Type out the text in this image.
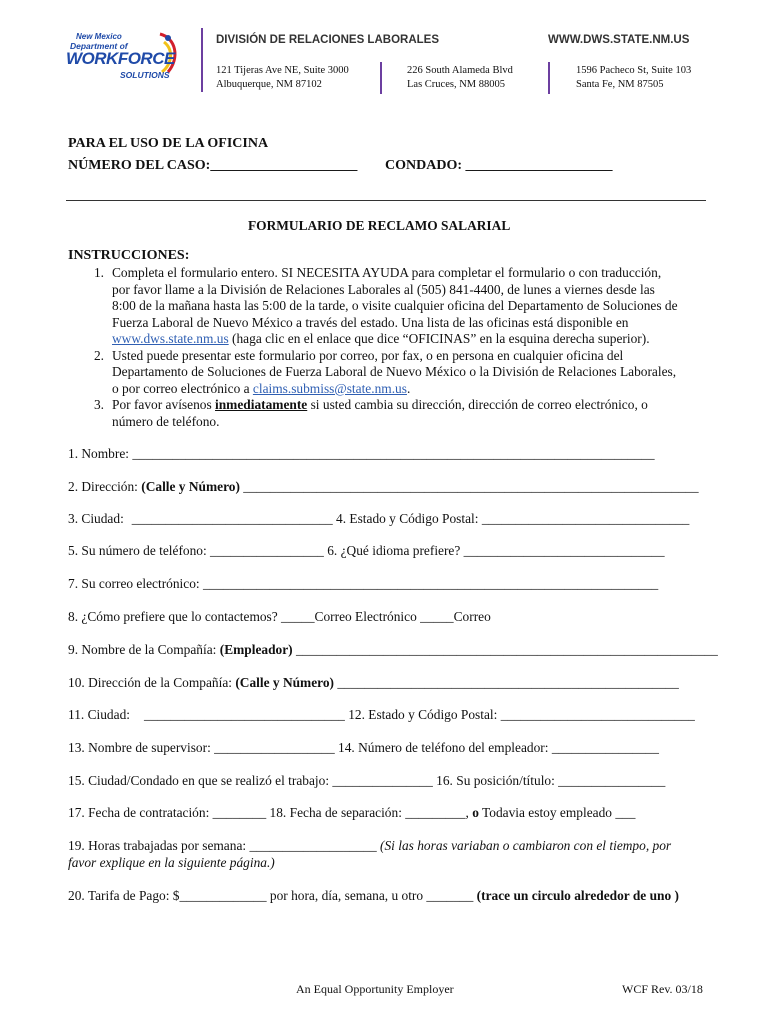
New Mexico
Department of
WORKFORCE
SOLUTIONS
DIVISIÓN DE RELACIONES LABORALES	WWW.DWS.STATE.NM.US
121 Tijeras Ave NE, Suite 3000
Albuquerque, NM 87102
226 South Alameda Blvd
Las Cruces, NM 88005
1596 Pacheco St, Suite 103
Santa Fe, NM 87505
PARA EL USO DE LA OFICINA
NÚMERO DEL CASO:_____________________ CONDADO: _____________________
FORMULARIO DE RECLAMO SALARIAL
INSTRUCCIONES:
1. Completa el formulario entero. SI NECESITA AYUDA para completar el formulario o con traducción,

por favor llame a la División de Relaciones Laborales al (505) 841-4400, de lunes a viernes desde las

8:00 de la mañana hasta las 5:00 de la tarde, o visite cualquier oficina del Departamento de Soluciones de

Fuerza Laboral de Nuevo México a través del estado. Una lista de las oficinas está disponible en

www.dws.state.nm.us (haga clic en el enlace que dice “OFICINAS” en la esquina derecha superior).

2. Usted puede presentar este formulario por correo, por fax, o en persona en cualquier oficina del

Departamento de Soluciones de Fuerza Laboral de Nuevo México o la División de Relaciones Laborales,

o por correo electrónico a claims.submiss@state.nm.us.

3. Por favor avísenos inmediatamente si usted cambia su dirección, dirección de correo electrónico, o

número de teléfono.

1. Nombre: ______________________________________________________________________________
2. Dirección: (Calle y Número) ____________________________________________________________________
3. Ciudad: ______________________________ 4. Estado y Código Postal: _______________________________
5. Su número de teléfono: _________________ 6. ¿Qué idioma prefiere? ______________________________
7. Su correo electrónico: ____________________________________________________________________
8. ¿Cómo prefiere que lo contactemos? _____Correo Electrónico _____Correo
9. Nombre de la Compañía: (Empleador) _______________________________________________________________
10. Dirección de la Compañía: (Calle y Número) ___________________________________________________
11. Ciudad: ______________________________ 12. Estado y Código Postal: _____________________________
13. Nombre de supervisor: __________________ 14. Número de teléfono del empleador: ________________
15. Ciudad/Condado en que se realizó el trabajo: _______________ 16. Su posición/título: ________________
17. Fecha de contratación: ________ 18. Fecha de separación: _________, o Todavia estoy empleado ___
19. Horas trabajadas por semana: ___________________ (Si las horas variaban o cambiaron con el tiempo, por
favor explique en la siguiente página.)
20. Tarifa de Pago: $_____________ por hora, día, semana, u otro _______ (trace un circulo alrededor de uno )
An Equal Opportunity Employer	WCF Rev. 03/18
